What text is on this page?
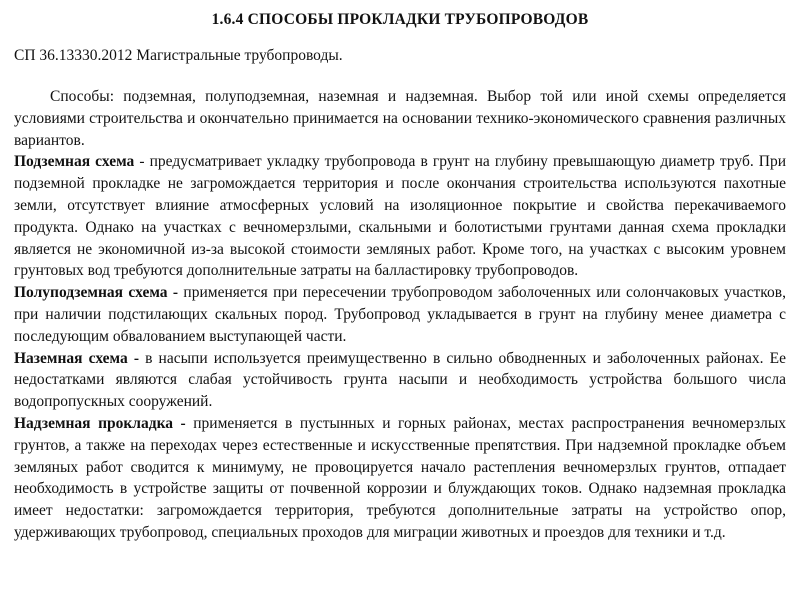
1.6.4 СПОСОБЫ ПРОКЛАДКИ ТРУБОПРОВОДОВ
СП 36.13330.2012 Магистральные трубопроводы.

Способы: подземная, полуподземная, наземная и надземная. Выбор той или иной схемы определяется условиями строительства и окончательно принимается на основании технико-экономического сравнения различных вариантов.

Подземная схема - предусматривает укладку трубопровода в грунт на глубину превышающую диаметр труб. При подземной прокладке не загромождается территория и после окончания строительства используются пахотные земли, отсутствует влияние атмосферных условий на изоляционное покрытие и свойства перекачиваемого продукта. Однако на участках с вечномерзлыми, скальными и болотистыми грунтами данная схема прокладки является не экономичной из-за высокой стоимости земляных работ. Кроме того, на участках с высоким уровнем грунтовых вод требуются дополнительные затраты на балластировку трубопроводов.

Полуподземная схема - применяется при пересечении трубопроводом заболоченных или солончаковых участков, при наличии подстилающих скальных пород. Трубопровод укладывается в грунт на глубину менее диаметра с последующим обвалованием выступающей части.

Наземная схема - в насыпи используется преимущественно в сильно обводненных и заболоченных районах. Ее недостатками являются слабая устойчивость грунта насыпи и необходимость устройства большого числа водопропускных сооружений.

Надземная прокладка - применяется в пустынных и горных районах, местах распространения вечномерзлых грунтов, а также на переходах через естественные и искусственные препятствия. При надземной прокладке объем земляных работ сводится к минимуму, не провоцируется начало растепления вечномерзлых грунтов, отпадает необходимость в устройстве защиты от почвенной коррозии и блуждающих токов. Однако надземная прокладка имеет недостатки: загромождается территория, требуются дополнительные затраты на устройство опор, удерживающих трубопровод, специальных проходов для миграции животных и проездов для техники и т.д.
